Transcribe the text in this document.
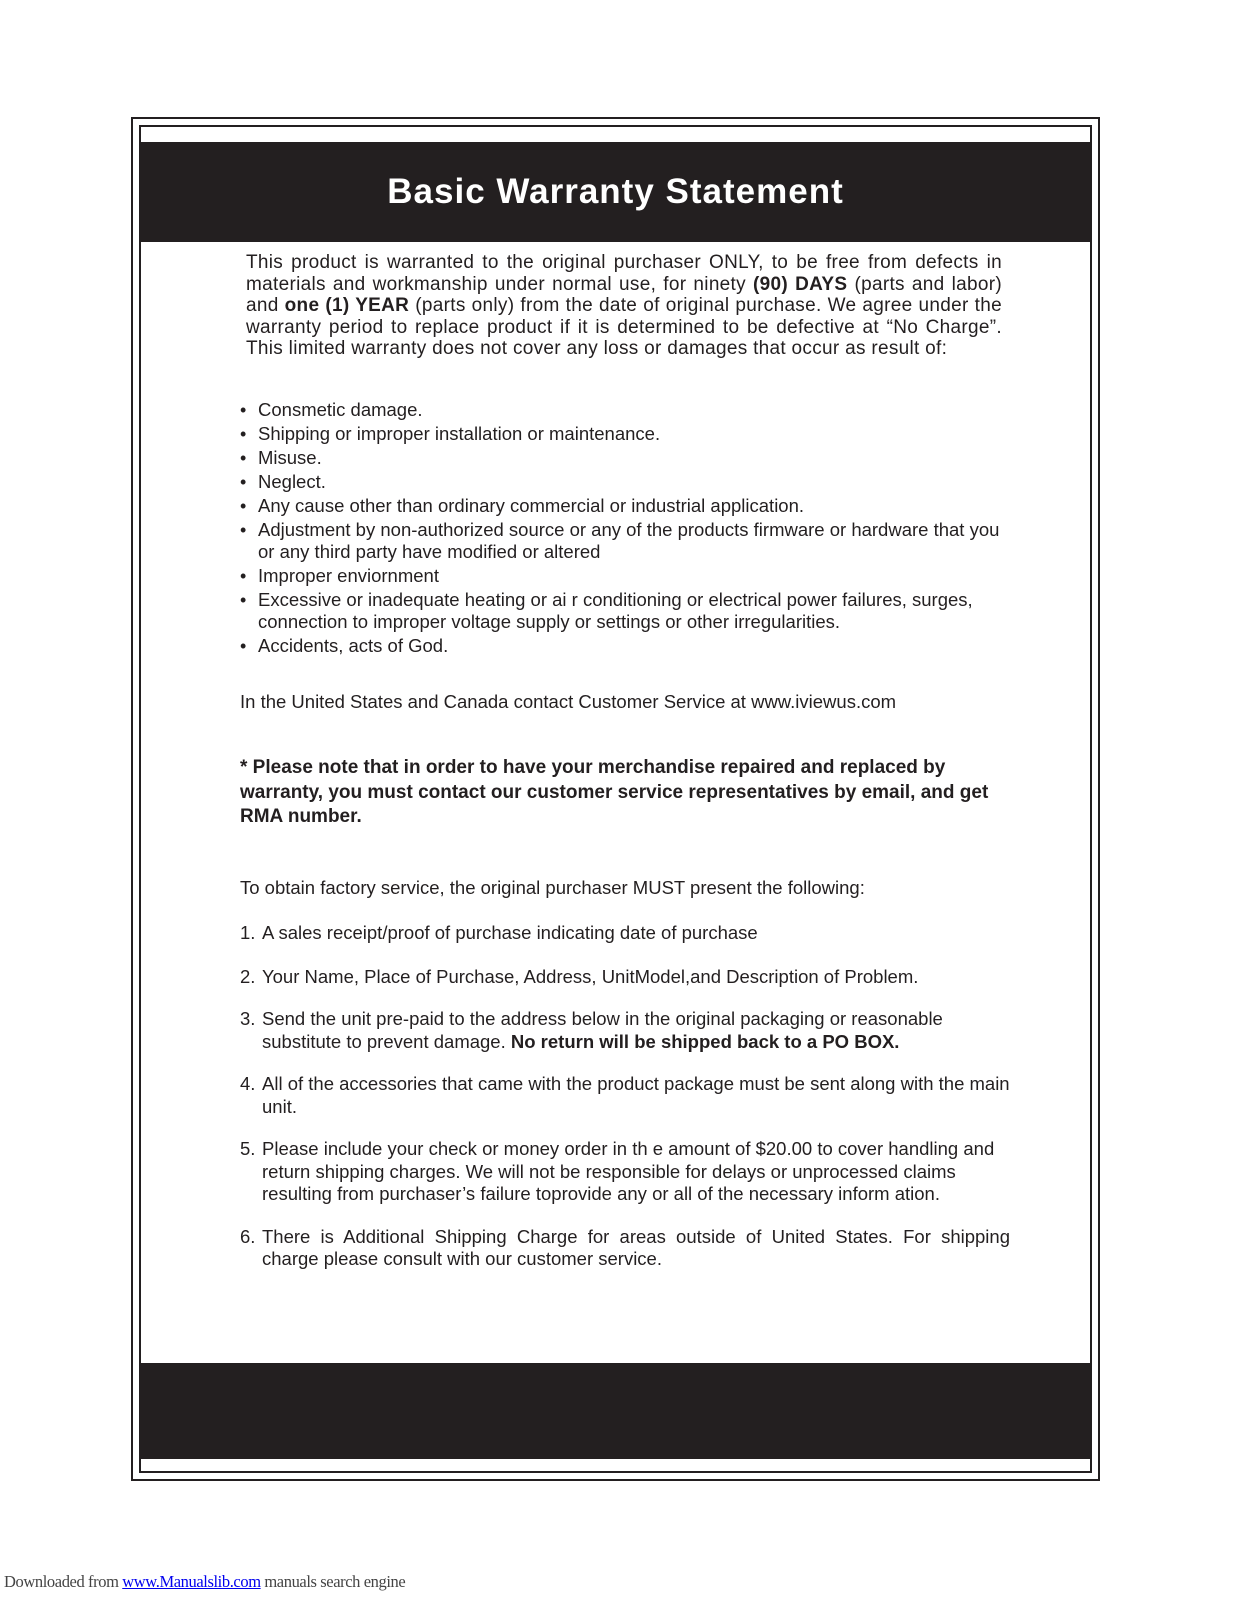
Basic Warranty Statement

This product is warranted to the original purchaser ONLY, to be free from defects in materials and workmanship under normal use, for ninety (90) DAYS (parts and labor) and one (1) YEAR (parts only) from the date of original purchase. We agree under the warranty period to replace product if it is determined to be defective at “No Charge”. This limited warranty does not cover any loss or damages that occur as result of:

• Consmetic damage.
• Shipping or improper installation or maintenance.
• Misuse.
• Neglect.
• Any cause other than ordinary commercial or industrial application.
• Adjustment by non-authorized source or any of the products firmware or hardware that you or any third party have modified or altered
• Improper enviornment
• Excessive or inadequate heating or ai r conditioning or electrical power failures, surges, connection to improper voltage supply or settings or other irregularities.
• Accidents, acts of God.
In the United States and Canada contact Customer Service at www.iviewus.com
* Please note that in order to have your merchandise repaired and replaced by warranty, you must contact our customer service representatives by email, and get RMA number.
To obtain factory service, the original purchaser MUST present the following:
1. A sales receipt/proof of purchase indicating date of purchase
2. Your Name, Place of Purchase, Address, UnitModel,and Description of Problem.
3. Send the unit pre-paid to the address below in the original packaging or reasonable substitute to prevent damage. No return will be shipped back to a PO BOX.
4. All of the accessories that came with the product package must be sent along with the main unit.
5. Please include your check or money order in th e amount of $20.00 to cover handling and return shipping charges. We will not be responsible for delays or unprocessed claims resulting from purchaser’s failure toprovide any or all of the necessary inform ation.
6. There is Additional Shipping Charge for areas outside of United States. For shipping charge please consult with our customer service.
Downloaded from www.Manualslib.com manuals search engine
